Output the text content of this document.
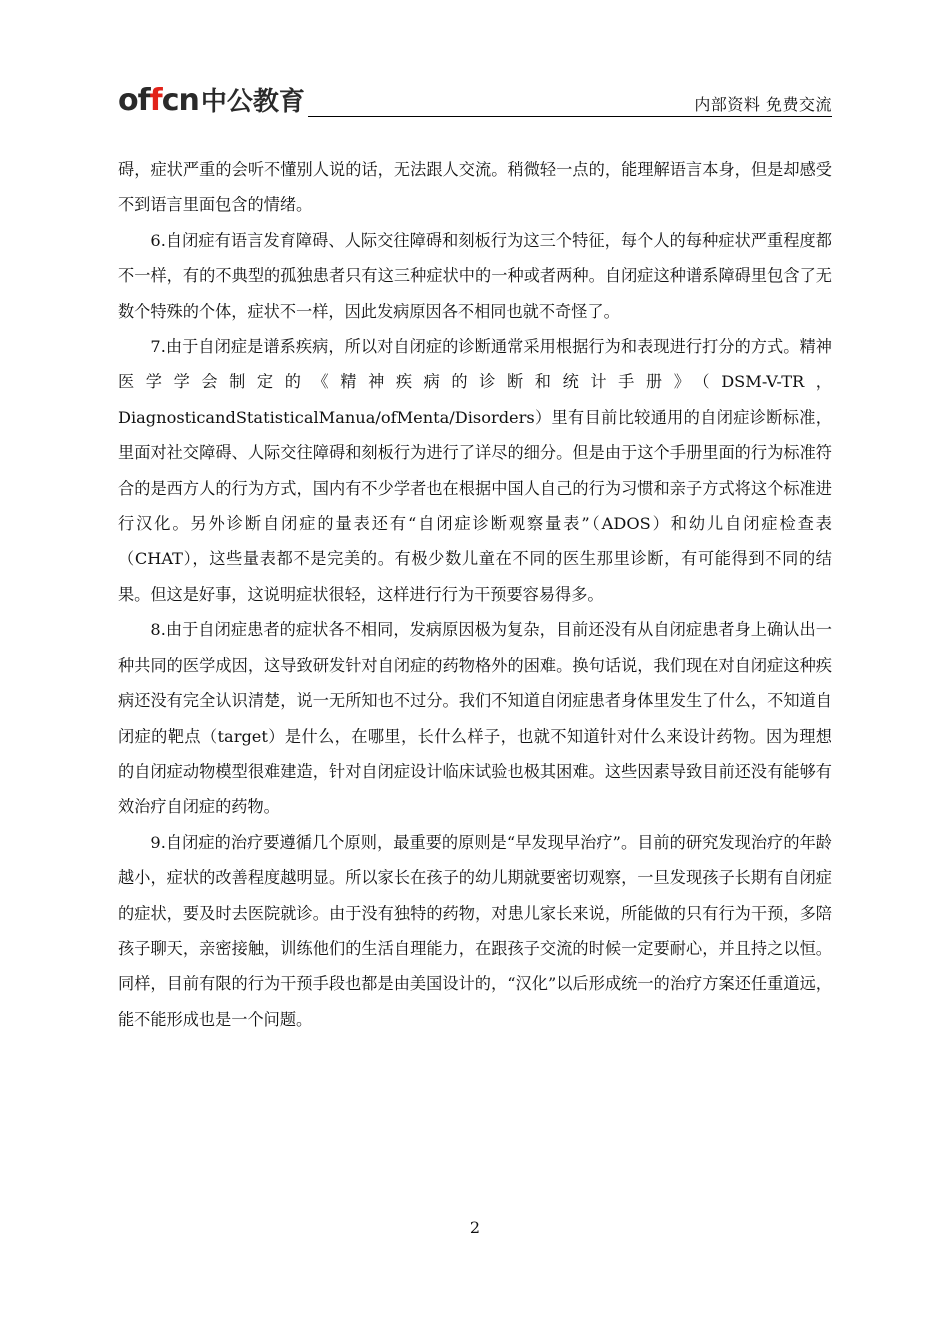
offcn 中公教育	内部资料 免费交流

碍，症状严重的会听不懂别人说的话，无法跟人交流。稍微轻一点的，能理解语言本身，但是却感受不到语言里面包含的情绪。

6.自闭症有语言发育障碍、人际交往障碍和刻板行为这三个特征，每个人的每种症状严重程度都不一样，有的不典型的孤独患者只有这三种症状中的一种或者两种。自闭症这种谱系障碍里包含了无数个特殊的个体，症状不一样，因此发病原因各不相同也就不奇怪了。

7.由于自闭症是谱系疾病，所以对自闭症的诊断通常采用根据行为和表现进行打分的方式。精神医学学会制定的《精神疾病的诊断和统计手册》（DSM-V-TR，DiagnosticandStatisticalManua/ofMenta/Disorders）里有目前比较通用的自闭症诊断标准，里面对社交障碍、人际交往障碍和刻板行为进行了详尽的细分。但是由于这个手册里面的行为标准符合的是西方人的行为方式，国内有不少学者也在根据中国人自己的行为习惯和亲子方式将这个标准进行汉化。另外诊断自闭症的量表还有“自闭症诊断观察量表”（ADOS）和幼儿自闭症检查表（CHAT），这些量表都不是完美的。有极少数儿童在不同的医生那里诊断，有可能得到不同的结果。但这是好事，这说明症状很轻，这样进行行为干预要容易得多。

8.由于自闭症患者的症状各不相同，发病原因极为复杂，目前还没有从自闭症患者身上确认出一种共同的医学成因，这导致研发针对自闭症的药物格外的困难。换句话说，我们现在对自闭症这种疾病还没有完全认识清楚，说一无所知也不过分。我们不知道自闭症患者身体里发生了什么，不知道自闭症的靶点（target）是什么，在哪里，长什么样子，也就不知道针对什么来设计药物。因为理想的自闭症动物模型很难建造，针对自闭症设计临床试验也极其困难。这些因素导致目前还没有能够有效治疗自闭症的药物。

9.自闭症的治疗要遵循几个原则，最重要的原则是“早发现早治疗”。目前的研究发现治疗的年龄越小，症状的改善程度越明显。所以家长在孩子的幼儿期就要密切观察，一旦发现孩子长期有自闭症的症状，要及时去医院就诊。由于没有独特的药物，对患儿家长来说，所能做的只有行为干预，多陪孩子聊天，亲密接触，训练他们的生活自理能力，在跟孩子交流的时候一定要耐心，并且持之以恒。同样，目前有限的行为干预手段也都是由美国设计的，“汉化”以后形成统一的治疗方案还任重道远，能不能形成也是一个问题。

2
